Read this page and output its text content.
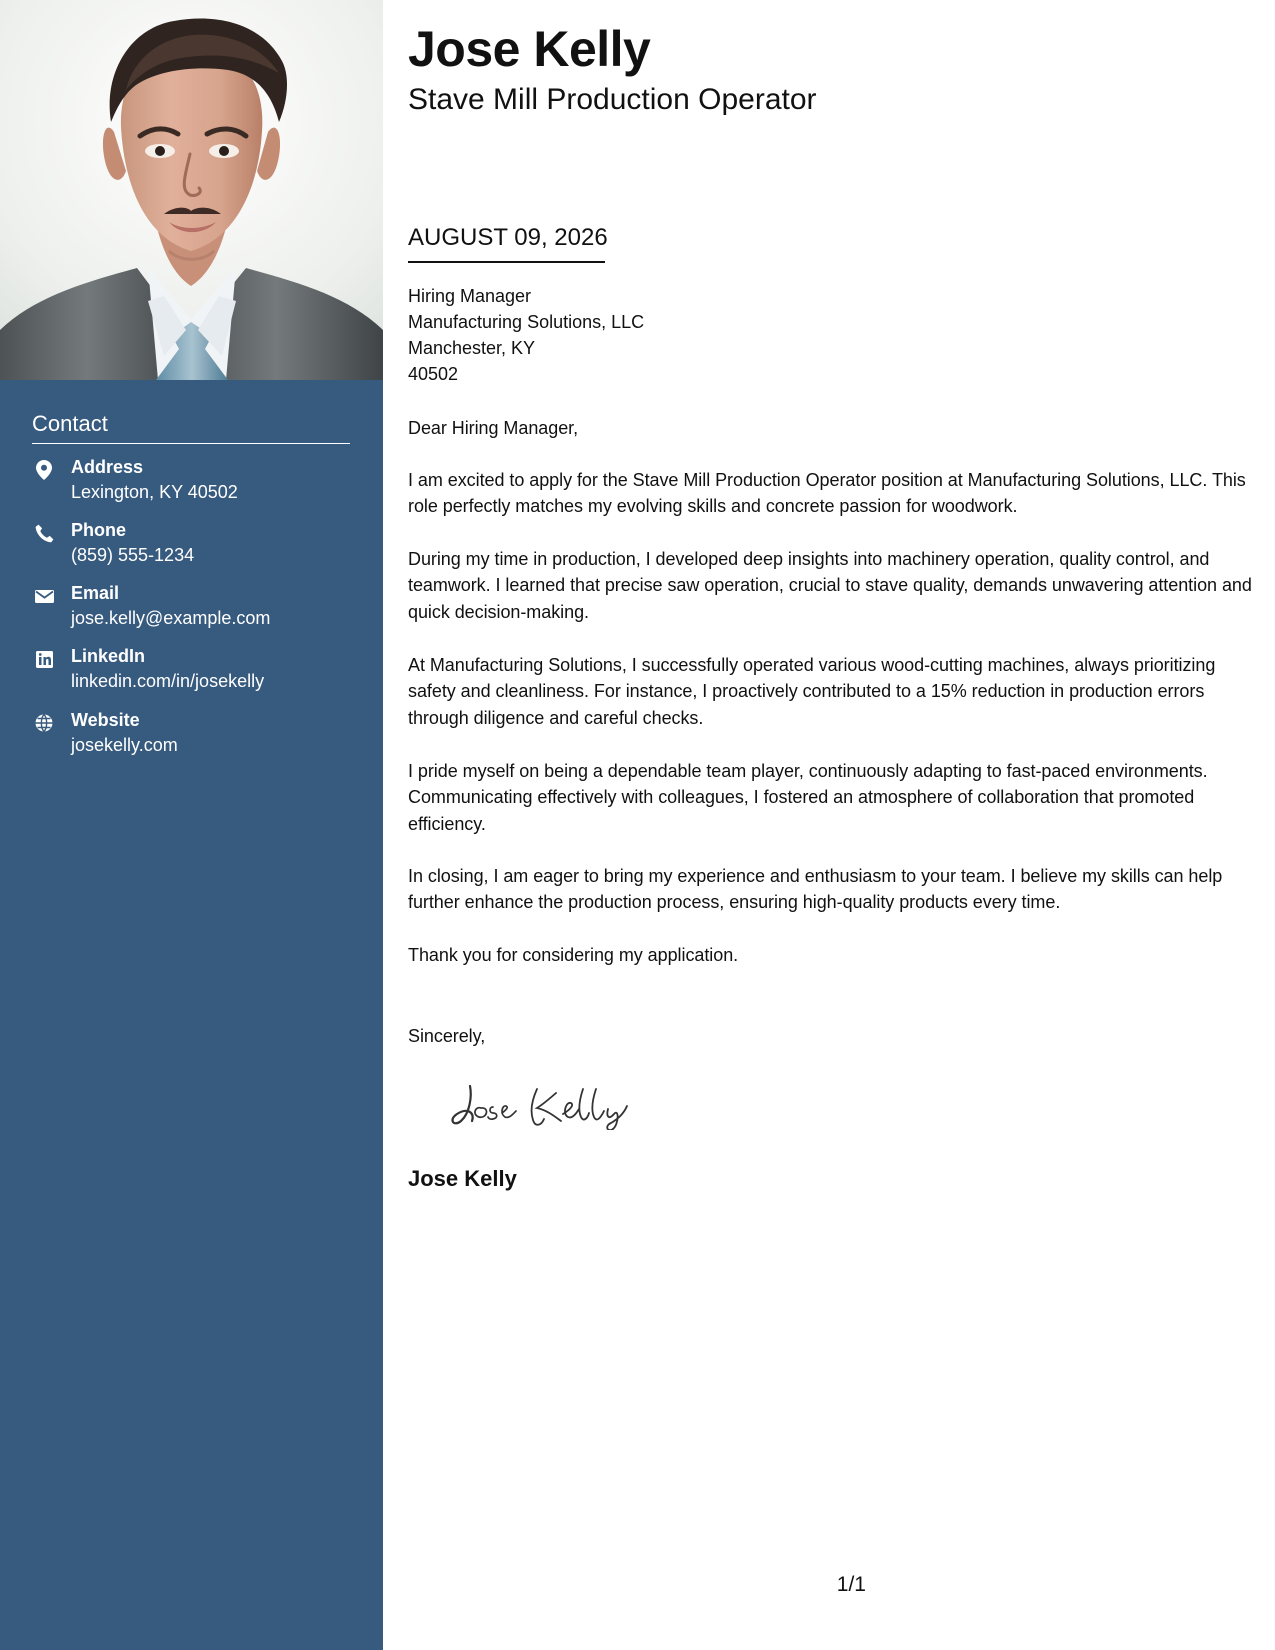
Contact
Address
Lexington, KY 40502
Phone
(859) 555-1234
Email
jose.kelly@example.com
LinkedIn
linkedin.com/in/josekelly
Website
josekelly.com
Jose Kelly
Stave Mill Production Operator
AUGUST 09, 2026
Hiring Manager
Manufacturing Solutions, LLC
Manchester, KY
40502

Dear Hiring Manager,

I am excited to apply for the Stave Mill Production Operator position at Manufacturing Solutions, LLC. This role perfectly matches my evolving skills and concrete passion for woodwork.

During my time in production, I developed deep insights into machinery operation, quality control, and teamwork. I learned that precise saw operation, crucial to stave quality, demands unwavering attention and quick decision-making.

At Manufacturing Solutions, I successfully operated various wood-cutting machines, always prioritizing safety and cleanliness. For instance, I proactively contributed to a 15% reduction in production errors through diligence and careful checks.

I pride myself on being a dependable team player, continuously adapting to fast-paced environments. Communicating effectively with colleagues, I fostered an atmosphere of collaboration that promoted efficiency.

In closing, I am eager to bring my experience and enthusiasm to your team. I believe my skills can help further enhance the production process, ensuring high-quality products every time.

Thank you for considering my application.

Sincerely,

Jose Kelly
1/1
